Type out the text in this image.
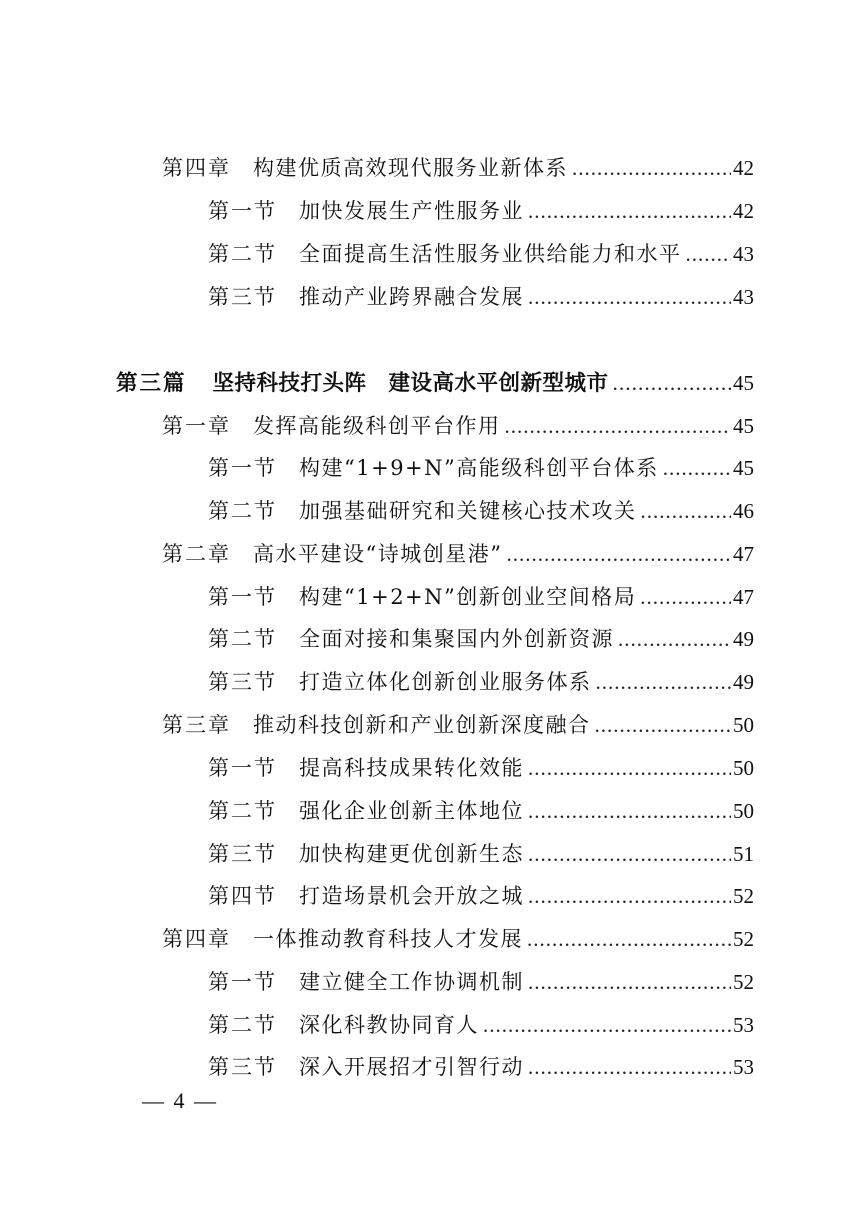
第四章 构建优质高效现代服务业新体系 .....	42
第一节 加快发展生产性服务业 .....	42
第二节 全面提高生活性服务业供给能力和水平 ..... 43
第三节 推动产业跨界融合发展 .....	43
第三篇 坚持科技打头阵　建设高水平创新型城市 .....	45
第一章 发挥高能级科创平台作用 .....	45
第一节 构建“1+9+N”高能级科创平台体系 .....	45
第二节 加强基础研究和关键核心技术攻关 .....	46
第二章 高水平建设“诗城创星港” .....	47
第一节 构建“1+2+N”创新创业空间格局 .....	47
第二节 全面对接和集聚国内外创新资源 .....	49
第三节 打造立体化创新创业服务体系 .....	49
第三章 推动科技创新和产业创新深度融合 .....	50
第一节 提高科技成果转化效能 .....	50
第二节 强化企业创新主体地位 .....	50
第三节 加快构建更优创新生态 .....	51
第四节 打造场景机会开放之城 .....	52
第四章 一体推动教育科技人才发展 .....	52
第一节 建立健全工作协调机制 .....	52
第二节 深化科教协同育人 .....	53
第三节 深入开展招才引智行动 .....	53
— 4 —
